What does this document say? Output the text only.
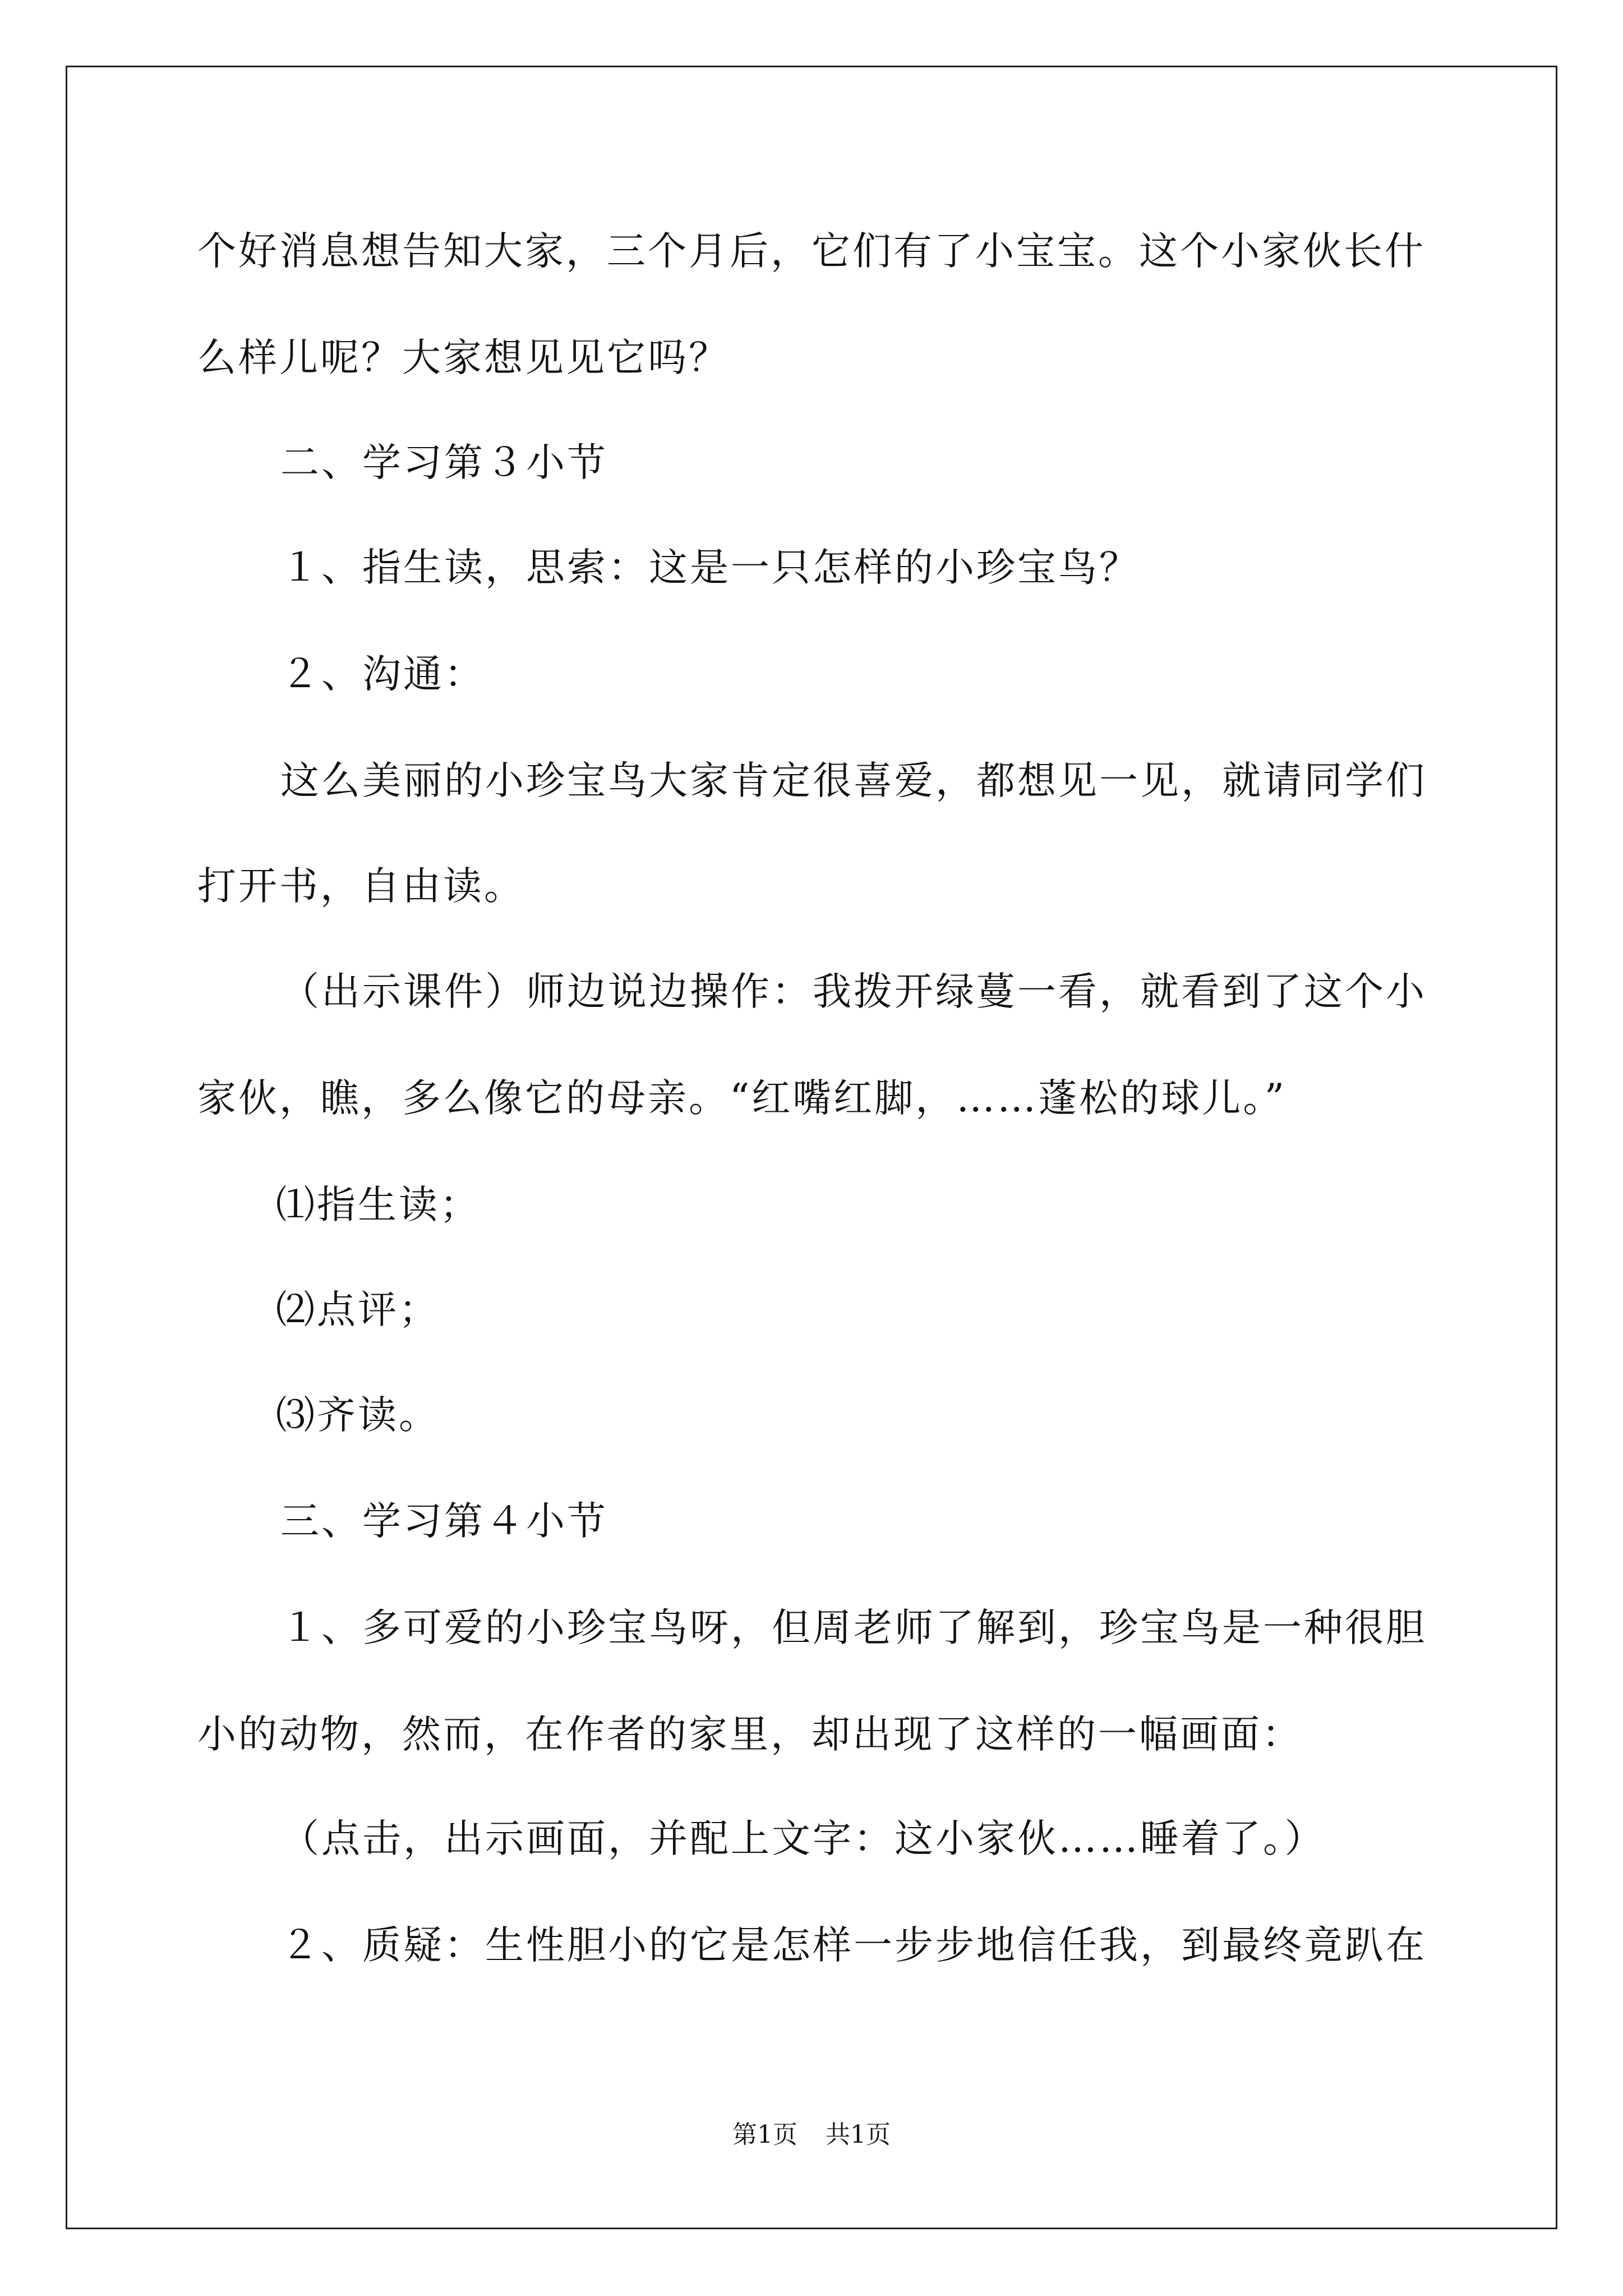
个好消息想告知大家，三个月后，它们有了小宝宝。这个小家伙长什
么样儿呢？大家想见见它吗？
二、学习第３小节
１、指生读，思索：这是一只怎样的小珍宝鸟？
２、沟通：
这么美丽的小珍宝鸟大家肯定很喜爱，都想见一见，就请同学们
打开书，自由读。
（出示课件）师边说边操作：我拨开绿蔓一看，就看到了这个小
家伙，瞧，多么像它的母亲。“红嘴红脚，……蓬松的球儿。”
⑴指生读；
⑵点评；
⑶齐读。
三、学习第４小节
１、多可爱的小珍宝鸟呀，但周老师了解到，珍宝鸟是一种很胆
小的动物，然而，在作者的家里，却出现了这样的一幅画面：
（点击，出示画面，并配上文字：这小家伙……睡着了。）
２、质疑：生性胆小的它是怎样一步步地信任我，到最终竟趴在
第1页 共1页
